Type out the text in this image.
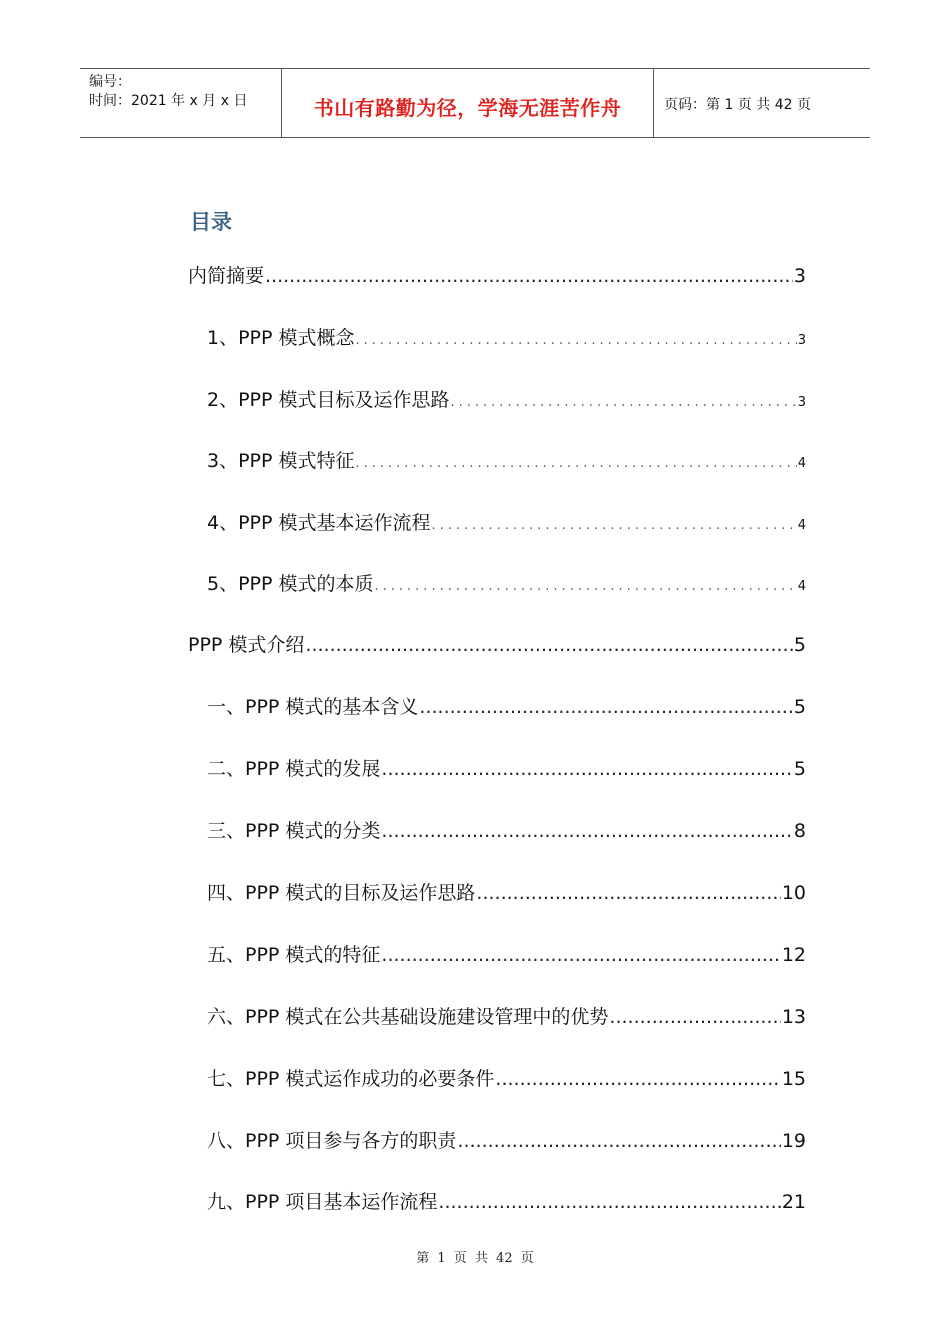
编号：
时间：2021 年 x 月 x 日	书山有路勤为径，学海无涯苦作舟	页码：第 1 页 共 42 页
目录
内简摘要 .....	3
1、PPP 模式概念 .....	3
2、PPP 模式目标及运作思路 .....	3
3、PPP 模式特征 .....	4
4、PPP 模式基本运作流程 .....	4
5、PPP 模式的本质 .....	4
PPP 模式介绍 .....	5
一、PPP 模式的基本含义 .....	5
二、PPP 模式的发展 .....	5
三、PPP 模式的分类 .....	8
四、PPP 模式的目标及运作思路 .....	10
五、PPP 模式的特征 .....	12
六、PPP 模式在公共基础设施建设管理中的优势 .....	13
七、PPP 模式运作成功的必要条件 .....	15
八、PPP 项目参与各方的职责 .....	19
九、PPP 项目基本运作流程 .....	21
第 1 页 共 42 页
